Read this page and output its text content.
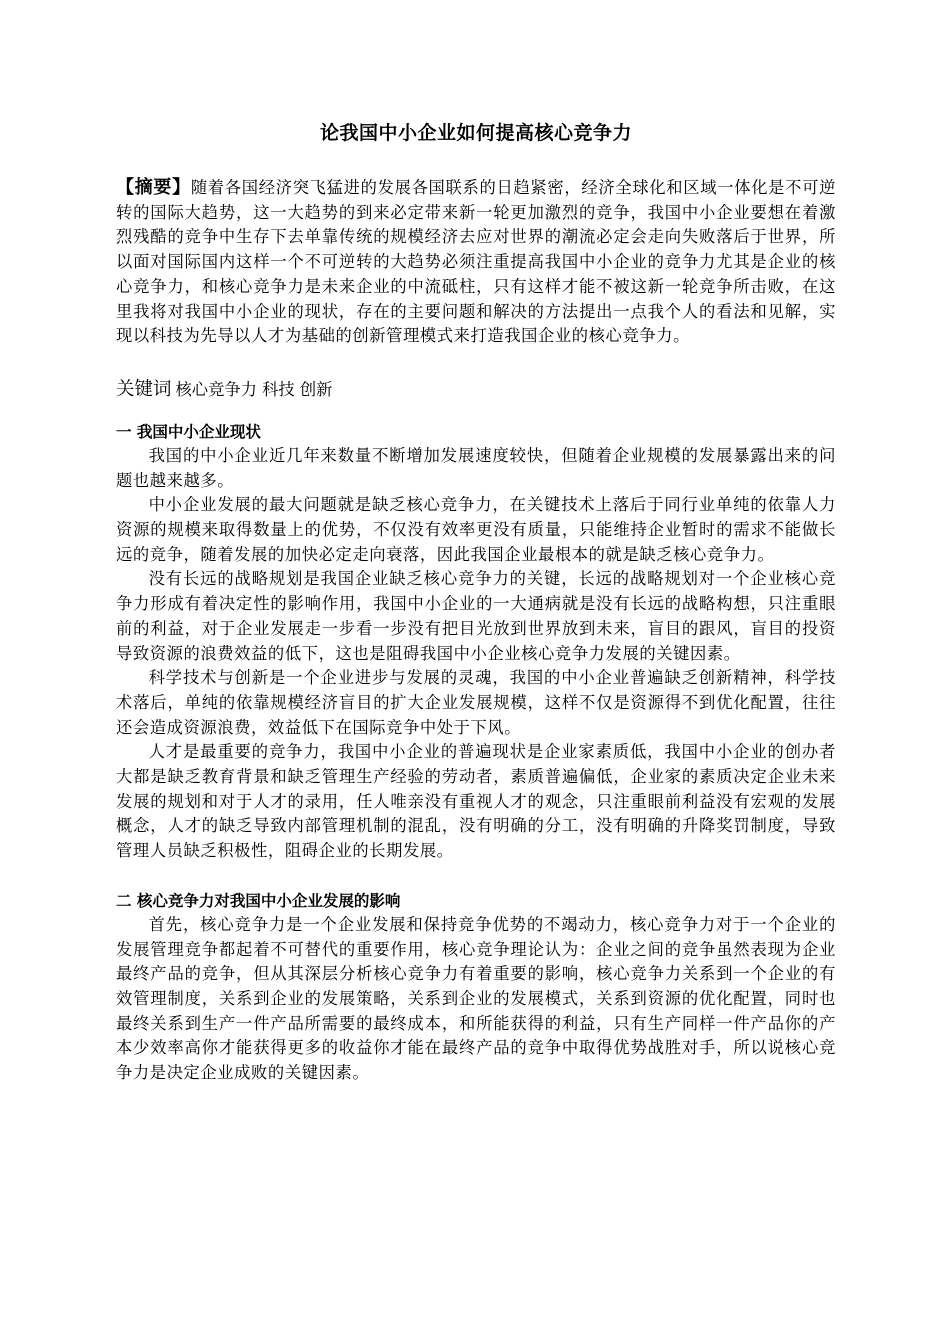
论我国中小企业如何提高核心竞争力

【摘要】随着各国经济突飞猛进的发展各国联系的日趋紧密，经济全球化和区域一体化是不可逆转的国际大趋势，这一大趋势的到来必定带来新一轮更加激烈的竞争，我国中小企业要想在着激烈残酷的竞争中生存下去单靠传统的规模经济去应对世界的潮流必定会走向失败落后于世界，所以面对国际国内这样一个不可逆转的大趋势必须注重提高我国中小企业的竞争力尤其是企业的核心竞争力，和核心竞争力是未来企业的中流砥柱，只有这样才能不被这新一轮竞争所击败，在这里我将对我国中小企业的现状，存在的主要问题和解决的方法提出一点我个人的看法和见解，实现以科技为先导以人才为基础的创新管理模式来打造我国企业的核心竞争力。

关键词 核心竞争力 科技 创新

一 我国中小企业现状

我国的中小企业近几年来数量不断增加发展速度较快，但随着企业规模的发展暴露出来的问题也越来越多。

中小企业发展的最大问题就是缺乏核心竞争力，在关键技术上落后于同行业单纯的依靠人力资源的规模来取得数量上的优势，不仅没有效率更没有质量，只能维持企业暂时的需求不能做长远的竞争，随着发展的加快必定走向衰落，因此我国企业最根本的就是缺乏核心竞争力。

没有长远的战略规划是我国企业缺乏核心竞争力的关键，长远的战略规划对一个企业核心竞争力形成有着决定性的影响作用，我国中小企业的一大通病就是没有长远的战略构想，只注重眼前的利益，对于企业发展走一步看一步没有把目光放到世界放到未来，盲目的跟风，盲目的投资导致资源的浪费效益的低下，这也是阻碍我国中小企业核心竞争力发展的关键因素。

科学技术与创新是一个企业进步与发展的灵魂，我国的中小企业普遍缺乏创新精神，科学技术落后，单纯的依靠规模经济盲目的扩大企业发展规模，这样不仅是资源得不到优化配置，往往还会造成资源浪费，效益低下在国际竞争中处于下风。

人才是最重要的竞争力，我国中小企业的普遍现状是企业家素质低，我国中小企业的创办者大都是缺乏教育背景和缺乏管理生产经验的劳动者，素质普遍偏低，企业家的素质决定企业未来发展的规划和对于人才的录用，任人唯亲没有重视人才的观念，只注重眼前利益没有宏观的发展概念，人才的缺乏导致内部管理机制的混乱，没有明确的分工，没有明确的升降奖罚制度，导致管理人员缺乏积极性，阻碍企业的长期发展。

二 核心竞争力对我国中小企业发展的影响

首先，核心竞争力是一个企业发展和保持竞争优势的不竭动力，核心竞争力对于一个企业的发展管理竞争都起着不可替代的重要作用，核心竞争理论认为：企业之间的竞争虽然表现为企业最终产品的竞争，但从其深层分析核心竞争力有着重要的影响，核心竞争力关系到一个企业的有效管理制度，关系到企业的发展策略，关系到企业的发展模式，关系到资源的优化配置，同时也最终关系到生产一件产品所需要的最终成本，和所能获得的利益，只有生产同样一件产品你的产本少效率高你才能获得更多的收益你才能在最终产品的竞争中取得优势战胜对手，所以说核心竞争力是决定企业成败的关键因素。
